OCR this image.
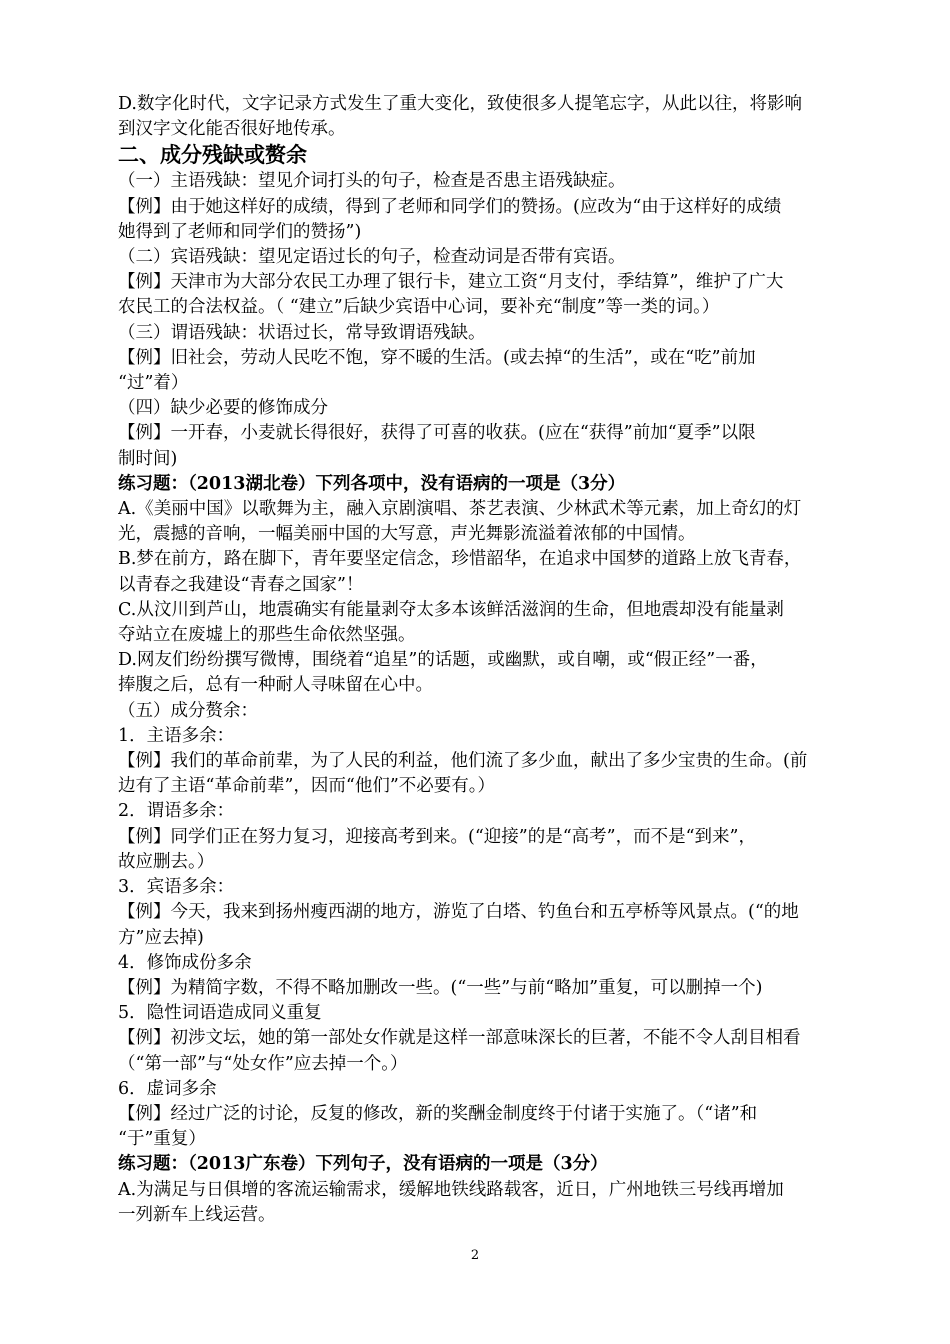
D.数字化时代，文字记录方式发生了重大变化，致使很多人提笔忘字，从此以往，将影响
到汉字文化能否很好地传承。
二、成分残缺或赘余
（一）主语残缺：望见介词打头的句子，检查是否患主语残缺症。
【例】由于她这样好的成绩，得到了老师和同学们的赞扬。(应改为“由于这样好的成绩
她得到了老师和同学们的赞扬”)
（二）宾语残缺：望见定语过长的句子，检查动词是否带有宾语。
【例】天津市为大部分农民工办理了银行卡，建立工资“月支付，季结算”，维护了广大
农民工的合法权益。（ “建立”后缺少宾语中心词，要补充“制度”等一类的词。）
（三）谓语残缺：状语过长，常导致谓语残缺。
【例】旧社会，劳动人民吃不饱，穿不暖的生活。(或去掉“的生活”，或在“吃”前加
“过”着）
（四）缺少必要的修饰成分
【例】一开春，小麦就长得很好，获得了可喜的收获。(应在“获得”前加“夏季”以限
制时间)
练习题：（2013湖北卷）下列各项中，没有语病的一项是（3分）
A.《美丽中国》以歌舞为主，融入京剧演唱、茶艺表演、少林武术等元素，加上奇幻的灯
光，震撼的音响，一幅美丽中国的大写意，声光舞影流溢着浓郁的中国情。
B.梦在前方，路在脚下，青年要坚定信念，珍惜韶华，在追求中国梦的道路上放飞青春，
以青春之我建设“青春之国家”！
C.从汶川到芦山，地震确实有能量剥夺太多本该鲜活滋润的生命，但地震却没有能量剥
夺站立在废墟上的那些生命依然坚强。
D.网友们纷纷撰写微博，围绕着“追星”的话题，或幽默，或自嘲，或“假正经”一番，
捧腹之后，总有一种耐人寻味留在心中。
（五）成分赘余：
1．主语多余：
【例】我们的革命前辈，为了人民的利益，他们流了多少血，献出了多少宝贵的生命。(前
边有了主语“革命前辈”，因而“他们”不必要有。）
2．谓语多余：
【例】同学们正在努力复习，迎接高考到来。(“迎接”的是“高考”，而不是“到来”，
故应删去。）
3．宾语多余：
【例】今天，我来到扬州瘦西湖的地方，游览了白塔、钓鱼台和五亭桥等风景点。(“的地
方”应去掉)
4．修饰成份多余
【例】为精简字数，不得不略加删改一些。(“一些”与前“略加”重复，可以删掉一个)
5．隐性词语造成同义重复
【例】初涉文坛，她的第一部处女作就是这样一部意味深长的巨著，不能不令人刮目相看
（“第一部”与“处女作”应去掉一个。）
6．虚词多余
【例】经过广泛的讨论，反复的修改，新的奖酬金制度终于付诸于实施了。（“诸”和
“于”重复）
练习题：（2013广东卷）下列句子，没有语病的一项是（3分）
A.为满足与日俱增的客流运输需求，缓解地铁线路载客，近日，广州地铁三号线再增加
一列新车上线运营。
2
